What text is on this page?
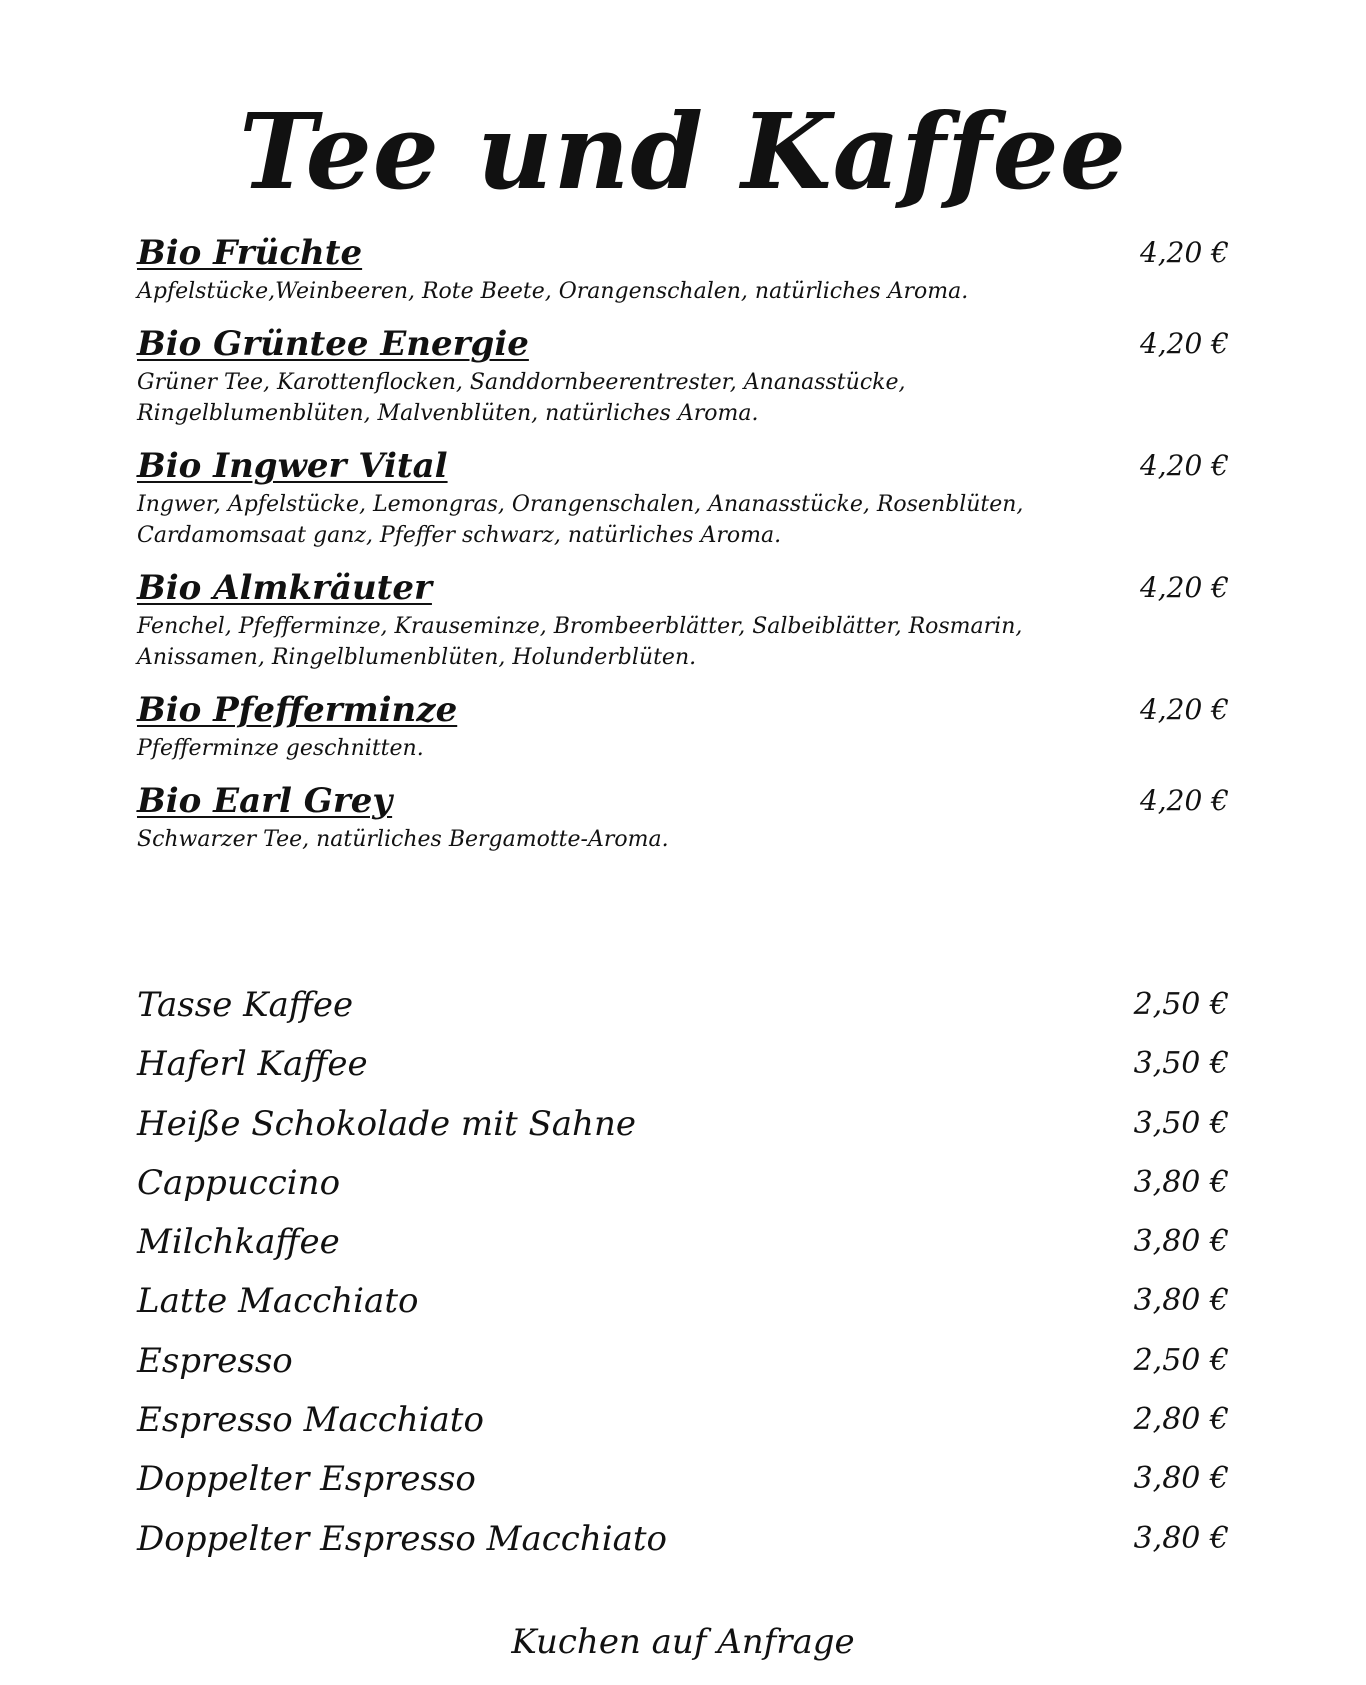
Tee und Kaffee
Bio Früchte	4,20 €
Apfelstücke,Weinbeeren, Rote Beete, Orangenschalen, natürliches Aroma.
Bio Grüntee Energie	4,20 €
Grüner Tee, Karottenflocken, Sanddornbeerentrester, Ananasstücke, Ringelblumenblüten, Malvenblüten, natürliches Aroma.
Bio Ingwer Vital	4,20 €
Ingwer, Apfelstücke, Lemongras, Orangenschalen, Ananasstücke, Rosenblüten, Cardamomsaat ganz, Pfeffer schwarz, natürliches Aroma.
Bio Almkräuter	4,20 €
Fenchel, Pfefferminze, Krauseminze, Brombeerblätter, Salbeiblätter, Rosmarin, Anissamen, Ringelblumenblüten, Holunderblüten.
Bio Pfefferminze	4,20 €
Pfefferminze geschnitten.
Bio Earl Grey	4,20 €
Schwarzer Tee, natürliches Bergamotte-Aroma.
Tasse Kaffee	2,50 €
Haferl Kaffee	3,50 €
Heiße Schokolade mit Sahne	3,50 €
Cappuccino	3,80 €
Milchkaffee	3,80 €
Latte Macchiato	3,80 €
Espresso	2,50 €
Espresso Macchiato	2,80 €
Doppelter Espresso	3,80 €
Doppelter Espresso Macchiato	3,80 €
Kuchen auf Anfrage
